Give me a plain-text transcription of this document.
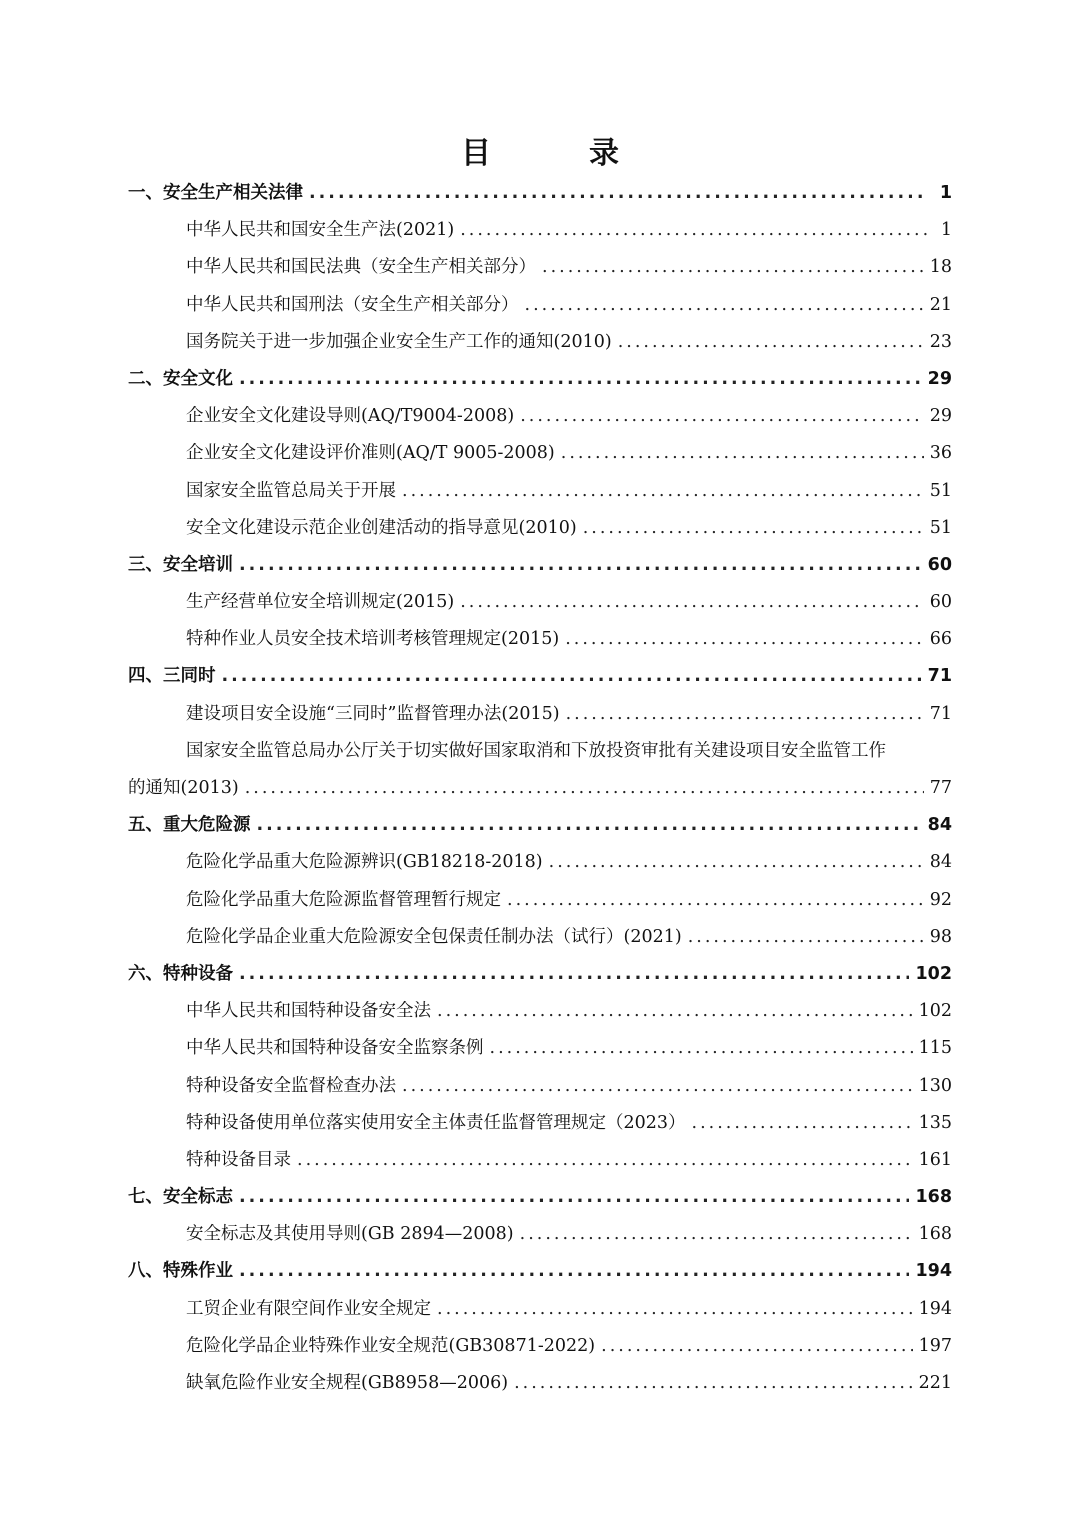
目　录
一、安全生产相关法律 .....	1
中华人民共和国安全生产法(2021) .....	1
中华人民共和国民法典（安全生产相关部分） .....	18
中华人民共和国刑法（安全生产相关部分） .....	21
国务院关于进一步加强企业安全生产工作的通知(2010) .....	23
二、安全文化 .....	29
企业安全文化建设导则(AQ/T9004-2008) .....	29
企业安全文化建设评价准则(AQ/T 9005-2008) .....	36
国家安全监管总局关于开展 .....	51
安全文化建设示范企业创建活动的指导意见(2010) .....	51
三、安全培训 .....	60
生产经营单位安全培训规定(2015) .....	60
特种作业人员安全技术培训考核管理规定(2015) .....	66
四、三同时 .....	71
建设项目安全设施“三同时”监督管理办法(2015) .....	71
国家安全监管总局办公厅关于切实做好国家取消和下放投资审批有关建设项目安全监管工作
的通知(2013) .....	77
五、重大危险源 .....	84
危险化学品重大危险源辨识(GB18218-2018) .....	84
危险化学品重大危险源监督管理暂行规定 .....	92
危险化学品企业重大危险源安全包保责任制办法（试行）(2021) .....	98
六、特种设备 .....	102
中华人民共和国特种设备安全法 .....	102
中华人民共和国特种设备安全监察条例 .....	115
特种设备安全监督检查办法 .....	130
特种设备使用单位落实使用安全主体责任监督管理规定（2023） .....	135
特种设备目录 .....	161
七、安全标志 .....	168
安全标志及其使用导则(GB 2894—2008) .....	168
八、特殊作业 .....	194
工贸企业有限空间作业安全规定 .....	194
危险化学品企业特殊作业安全规范(GB30871-2022) .....	197
缺氧危险作业安全规程(GB8958—2006) .....	221
